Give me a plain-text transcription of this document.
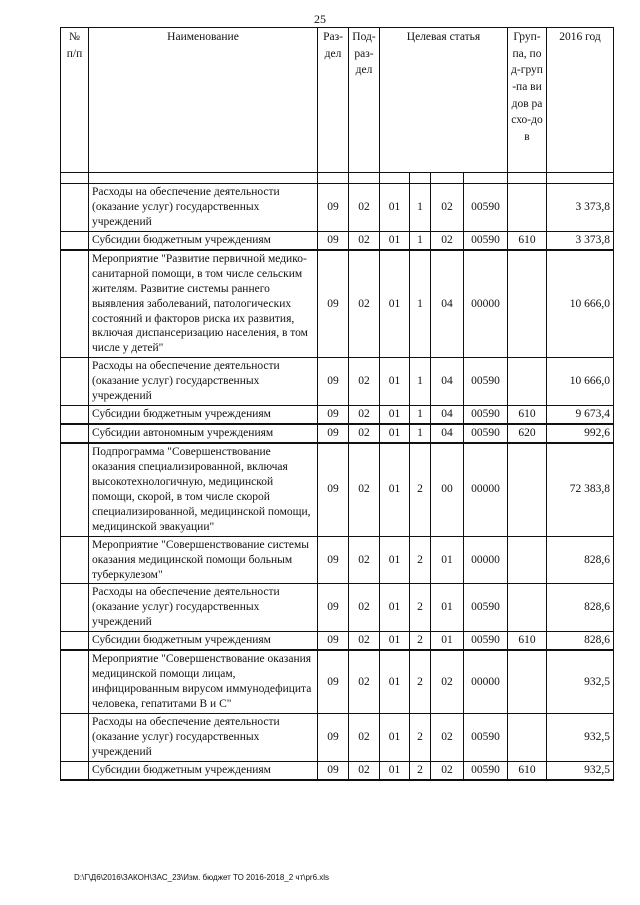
25
№ п/п	Наименование	Раз-дел	Под-раз-дел	Целевая статья				Груп-па, под-груп-па видов расхо-дов	2016 год

	Расходы на обеспечение деятельности (оказание услуг) государственных учреждений	09	02	01	1	02	00590		3 373,8
	Субсидии бюджетным учреждениям	09	02	01	1	02	00590	610	3 373,8
	Мероприятие "Развитие первичной медико-санитарной помощи, в том числе сельским жителям. Развитие системы раннего выявления заболеваний, патологических состояний и факторов риска их развития, включая диспансеризацию населения, в том числе у детей"	09	02	01	1	04	00000		10 666,0
	Расходы на обеспечение деятельности (оказание услуг) государственных учреждений	09	02	01	1	04	00590		10 666,0
	Субсидии бюджетным учреждениям	09	02	01	1	04	00590	610	9 673,4
	Субсидии автономным учреждениям	09	02	01	1	04	00590	620	992,6
	Подпрограмма "Совершенствование оказания специализированной, включая высокотехнологичную, медицинской помощи, скорой, в том числе скорой специализированной, медицинской помощи, медицинской эвакуации"	09	02	01	2	00	00000		72 383,8
	Мероприятие "Совершенствование системы оказания медицинской помощи больным туберкулезом"	09	02	01	2	01	00000		828,6
	Расходы на обеспечение деятельности (оказание услуг) государственных учреждений	09	02	01	2	01	00590		828,6
	Субсидии бюджетным учреждениям	09	02	01	2	01	00590	610	828,6
	Мероприятие "Совершенствование оказания медицинской помощи лицам, инфицированным вирусом иммунодефицита человека, гепатитами В и С"	09	02	01	2	02	00000		932,5
	Расходы на обеспечение деятельности (оказание услуг) государственных учреждений	09	02	01	2	02	00590		932,5
	Субсидии бюджетным учреждениям	09	02	01	2	02	00590	610	932,5
D:\Г\Д6\2016\ЗАКОН\ЗАС_23\Изм. бюджет ТО 2016-2018_2 чт\pr6.xls
